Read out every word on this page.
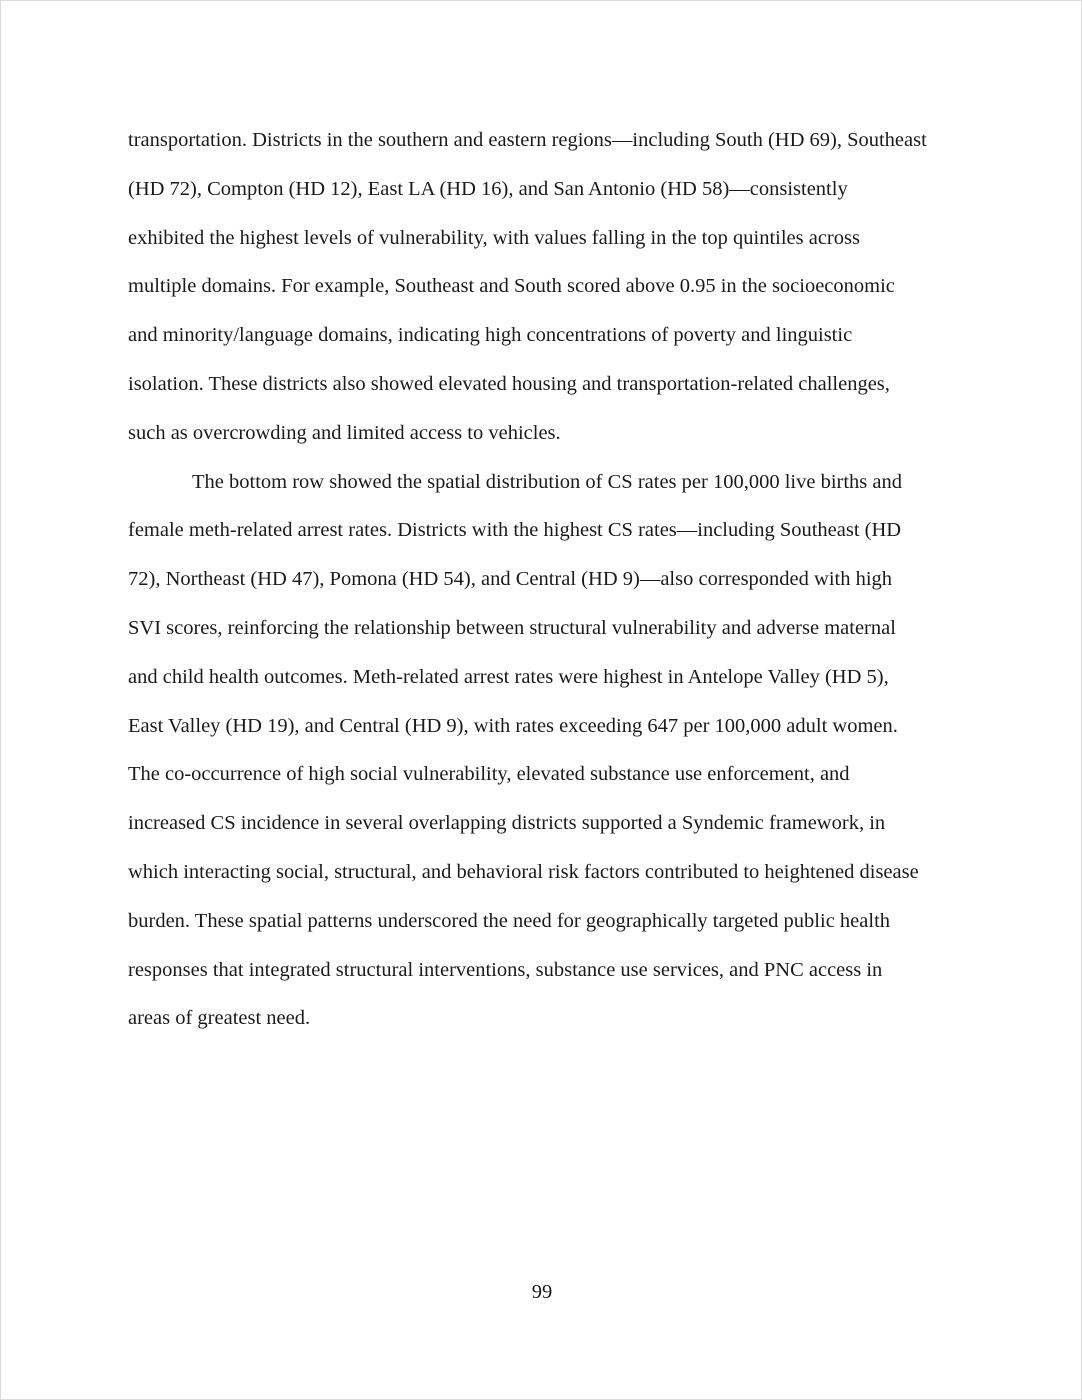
transportation. Districts in the southern and eastern regions—including South (HD 69), Southeast
(HD 72), Compton (HD 12), East LA (HD 16), and San Antonio (HD 58)—consistently
exhibited the highest levels of vulnerability, with values falling in the top quintiles across
multiple domains. For example, Southeast and South scored above 0.95 in the socioeconomic
and minority/language domains, indicating high concentrations of poverty and linguistic
isolation. These districts also showed elevated housing and transportation-related challenges,
such as overcrowding and limited access to vehicles.

The bottom row showed the spatial distribution of CS rates per 100,000 live births and
female meth-related arrest rates. Districts with the highest CS rates—including Southeast (HD
72), Northeast (HD 47), Pomona (HD 54), and Central (HD 9)—also corresponded with high
SVI scores, reinforcing the relationship between structural vulnerability and adverse maternal
and child health outcomes. Meth-related arrest rates were highest in Antelope Valley (HD 5),
East Valley (HD 19), and Central (HD 9), with rates exceeding 647 per 100,000 adult women.
The co-occurrence of high social vulnerability, elevated substance use enforcement, and
increased CS incidence in several overlapping districts supported a Syndemic framework, in
which interacting social, structural, and behavioral risk factors contributed to heightened disease
burden. These spatial patterns underscored the need for geographically targeted public health
responses that integrated structural interventions, substance use services, and PNC access in
areas of greatest need.

99
